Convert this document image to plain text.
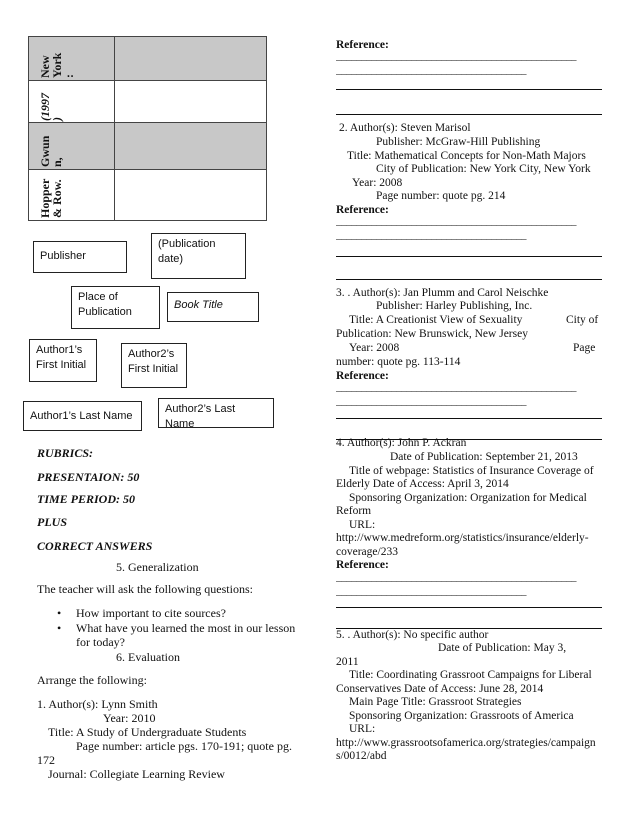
New
York
:
(1997
)
Gwun
n,
Hopper
& Row.
Publisher
(Publication date)
Place of Publication
Book Title
Author1’s First Initial
Author2’s First Initial
Author1’s Last Name
Author2’s Last Name
RUBRICS:
PRESENTAION: 50
TIME PERIOD: 50
PLUS
CORRECT ANSWERS
5. Generalization
The teacher will ask the following questions:
• How important to cite sources?
• What have you learned the most in our lesson
for today?
6. Evaluation
Arrange the following:
1. Author(s): Lynn Smith
Year: 2010
Title: A Study of Undergraduate Students
Page number: article pgs. 170-191; quote pg.
172
Journal: Collegiate Learning Review
Reference:
________________________________________________
______________________________________
2. Author(s): Steven Marisol
Publisher: McGraw-Hill Publishing
Title: Mathematical Concepts for Non-Math Majors
City of Publication: New York City, New York
Year: 2008
Page number: quote pg. 214
Reference:
________________________________________________
______________________________________
3. . Author(s): Jan Plumm and Carol Neischke
Publisher: Harley Publishing, Inc.
Title: A Creationist View of Sexuality	City of
Publication: New Brunswick, New Jersey
Year: 2008	Page
number: quote pg. 113-114
Reference:
________________________________________________
______________________________________
4. Author(s): John P. Ackran
Date of Publication: September 21, 2013
Title of webpage: Statistics of Insurance Coverage of
Elderly Date of Access: April 3, 2014
Sponsoring Organization: Organization for Medical
Reform
URL:
http://www.medreform.org/statistics/insurance/elderly-
coverage/233
Reference:
________________________________________________
______________________________________
5. . Author(s): No specific author
Date of Publication: May 3,
2011
Title: Coordinating Grassroot Campaigns for Liberal
Conservatives Date of Access: June 28, 2014
Main Page Title: Grassroot Strategies
Sponsoring Organization: Grassroots of America
URL:
http://www.grassrootsofamerica.org/strategies/campaign
s/0012/abd
